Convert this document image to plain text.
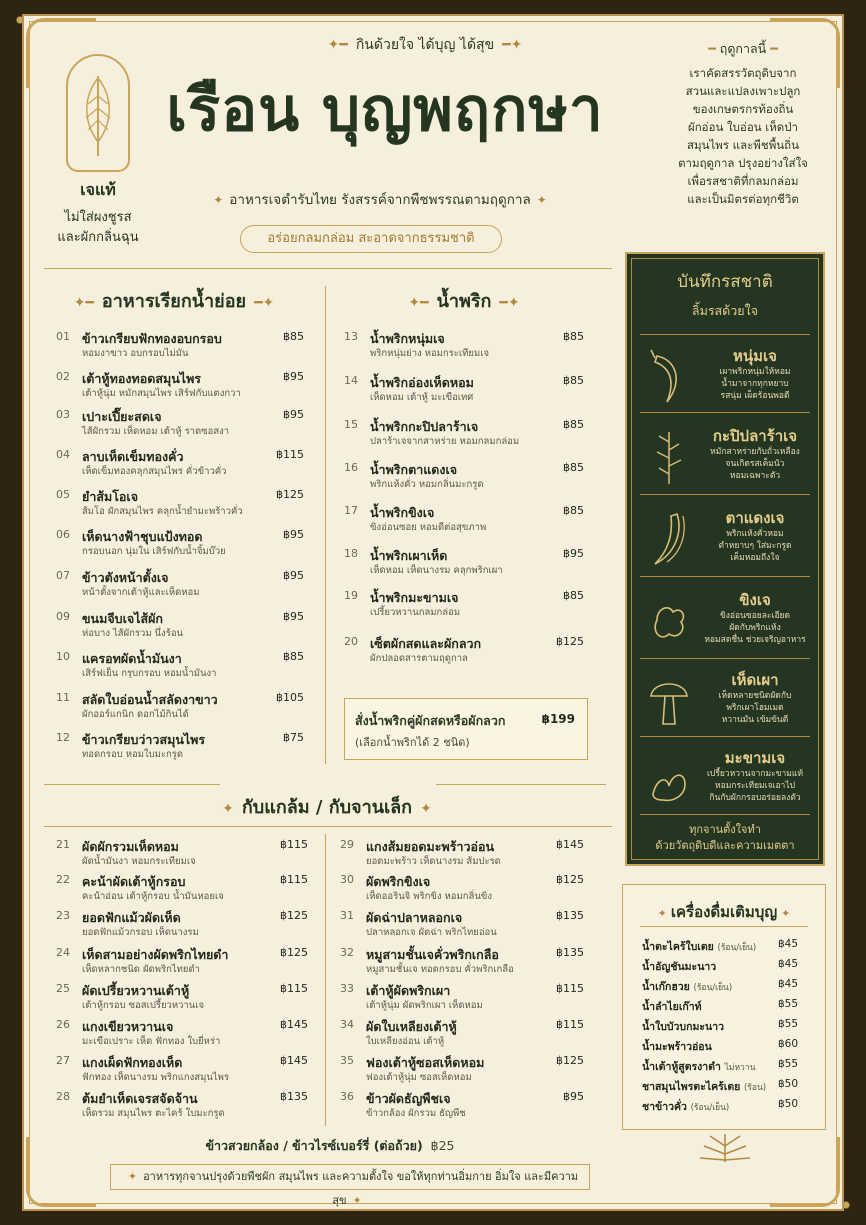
✦━ กินด้วยใจ ได้บุญ ได้สุข ━✦
เรือน บุญพฤกษา
✦ อาหารเจตำรับไทย รังสรรค์จากพืชพรรณตามฤดูกาล ✦
อร่อยกลมกล่อม สะอาดจากธรรมชาติ
เจแท้
ไม่ใส่ผงชูรส
และผักกลิ่นฉุน
━ ฤดูกาลนี้ ━
เราคัดสรรวัตถุดิบจาก
สวนและแปลงเพาะปลูก
ของเกษตรกรท้องถิ่น
ผักอ่อน ใบอ่อน เห็ดป่า
สมุนไพร และพืชพื้นถิ่น
ตามฤดูกาล ปรุงอย่างใส่ใจ
เพื่อรสชาติที่กลมกล่อม
และเป็นมิตรต่อทุกชีวิต
✦━ อาหารเรียกน้ำย่อย ━✦	✦━ น้ำพริก ━✦
01 ข้าวเกรียบฟักทองอบกรอบ
หอมงาขาว อบกรอบไม่มัน
฿85
02 เต้าหู้ทองทอดสมุนไพร
เต้าหู้นุ่ม หมักสมุนไพร เสิร์ฟกับแตงกวา
฿95
03 เปาะเปี๊ยะสดเจ
ไส้ผักรวม เห็ดหอม เต้าหู้ ราดซอสงา
฿95
04 ลาบเห็ดเข็มทองคั่ว
เห็ดเข็มทองคลุกสมุนไพร คั่วข้าวคั่ว
฿115
05 ยำส้มโอเจ
ส้มโอ ผักสมุนไพร คลุกน้ำยำมะพร้าวคั่ว
฿125
06 เห็ดนางฟ้าชุบแป้งทอด
กรอบนอก นุ่มใน เสิร์ฟกับน้ำจิ้มบ๊วย
฿95
07 ข้าวตังหน้าตั้งเจ
หน้าตั้งจากเต้าหู้และเห็ดหอม
฿95
09 ขนมจีบเจไส้ผัก
ห่อบาง ไส้ผักรวม นึ่งร้อน
฿95
10 แครอทผัดน้ำมันงา
เสิร์ฟเย็น กรุบกรอบ หอมน้ำมันงา
฿85
11 สลัดใบอ่อนน้ำสลัดงาขาว
ผักออร์แกนิก ดอกไม้กินได้
฿105
12 ข้าวเกรียบว่าวสมุนไพร
ทอดกรอบ หอมใบมะกรูด
฿75
13 น้ำพริกหนุ่มเจ
พริกหนุ่มย่าง หอมกระเทียมเจ
฿85
14 น้ำพริกอ่องเห็ดหอม
เห็ดหอม เต้าหู้ มะเขือเทศ
฿85
15 น้ำพริกกะปิปลาร้าเจ
ปลาร้าเจจากสาหร่าย หอมกลมกล่อม
฿85
16 น้ำพริกตาแดงเจ
พริกแห้งคั่ว หอมกลิ่นมะกรูด
฿85
17 น้ำพริกขิงเจ
ขิงอ่อนซอย หอมดีต่อสุขภาพ
฿85
18 น้ำพริกเผาเห็ด
เห็ดหอม เห็ดนางรม คลุกพริกเผา
฿95
19 น้ำพริกมะขามเจ
เปรี้ยวหวานกลมกล่อม
฿85
20 เซ็ตผักสดและผักลวก
ผักปลอดสารตามฤดูกาล
฿125
สั่งน้ำพริกคู่ผักสดหรือผักลวก
(เลือกน้ำพริกได้ 2 ชนิด)
฿199
✦ กับแกล้ม / กับจานเล็ก ✦
21 ผัดผักรวมเห็ดหอม
ผัดน้ำมันงา หอมกระเทียมเจ
฿115
22 คะน้าผัดเต้าหู้กรอบ
คะน้าอ่อน เต้าหู้กรอบ น้ำมันหอยเจ
฿115
23 ยอดฟักแม้วผัดเห็ด
ยอดฟักแม้วกรอบ เห็ดนางรม
฿125
24 เห็ดสามอย่างผัดพริกไทยดำ
เห็ดหลากชนิด ผัดพริกไทยดำ
฿125
25 ผัดเปรี้ยวหวานเต้าหู้
เต้าหู้กรอบ ซอสเปรี้ยวหวานเจ
฿115
26 แกงเขียวหวานเจ
มะเขือเปราะ เห็ด ฟักทอง ใบยี่หร่า
฿145
27 แกงเผ็ดฟักทองเห็ด
ฟักทอง เห็ดนางรม พริกแกงสมุนไพร
฿145
28 ต้มยำเห็ดเจรสจัดจ้าน
เห็ดรวม สมุนไพร ตะไคร้ ใบมะกรูด
฿135
29 แกงส้มยอดมะพร้าวอ่อน
ยอดมะพร้าว เห็ดนางรม ส้มปะรด
฿145
30 ผัดพริกขิงเจ
เห็ดออรินจิ พริกขิง หอมกลิ่นขิง
฿125
31 ผัดฉ่าปลาหลอกเจ
ปลาหลอกเจ ผัดฉ่า พริกไทยอ่อน
฿135
32 หมูสามชั้นเจคั่วพริกเกลือ
หมูสามชั้นเจ ทอดกรอบ คั่วพริกเกลือ
฿135
33 เต้าหู้ผัดพริกเผา
เต้าหู้นุ่ม ผัดพริกเผา เห็ดหอม
฿115
34 ผัดใบเหลียงเต้าหู้
ใบเหลียงอ่อน เต้าหู้
฿115
35 ฟองเต้าหู้ซอสเห็ดหอม
ฟองเต้าหู้นุ่ม ซอสเห็ดหอม
฿125
36 ข้าวผัดธัญพืชเจ
ข้าวกล้อง ผักรวม ธัญพืช
฿95
บันทึกรสชาติ
ลิ้มรสด้วยใจ
หนุ่มเจ
เผาพริกหนุ่มให้หอม
น้ำมาจากทุกหยาบ
รสนุ่ม เผ็ดร้อนพอดี
กะปิปลาร้าเจ
หมักสาหร่ายกับถั่วเหลือง
จนเกิดรสเค็มนัว
หอมเฉพาะตัว
ตาแดงเจ
พริกแห้งคั่วหอม
ตำหยาบๆ ใส่มะกรูด
เค็มหอมถึงใจ
ขิงเจ
ขิงอ่อนซอยละเอียด
ผัดกับพริกแห้ง
หอมสดชื่น ช่วยเจริญอาหาร
เห็ดเผา
เห็ดหลายชนิดผัดกับ
พริกเผาโฮมเมด
หวานมัน เข้มข้นดี
มะขามเจ
เปรี้ยวหวานจากมะขามแท้
หอมกระเทียมเจเอาไป
กินกับผักกรอบอร่อยลงตัว
ทุกจานตั้งใจทำ
ด้วยวัตถุดิบดีและความเมตตา
✦ เครื่องดื่มเติมบุญ ✦
น้ำตะไคร้ใบเตย (ร้อน/เย็น) ฿45
น้ำอัญชันมะนาว	฿45
น้ำเก๊กฮวย (ร้อน/เย็น)	฿45
น้ำลำไยเก๊าท์	฿55
น้ำใบบัวบกมะนาว	฿55
น้ำมะพร้าวอ่อน	฿60
น้ำเต้าหู้สูตรงาดำ ไม่หวาน ฿55
ชาสมุนไพรตะไคร้เตย (ร้อน) ฿50
ชาข้าวคั่ว (ร้อน/เย็น)	฿50
ข้าวสวยกล้อง / ข้าวไรซ์เบอร์รี่ (ต่อถ้วย) ฿25
✦ อาหารทุกจานปรุงด้วยพืชผัก สมุนไพร และความตั้งใจ ขอให้ทุกท่านอิ่มกาย อิ่มใจ และมีความสุข ✦
